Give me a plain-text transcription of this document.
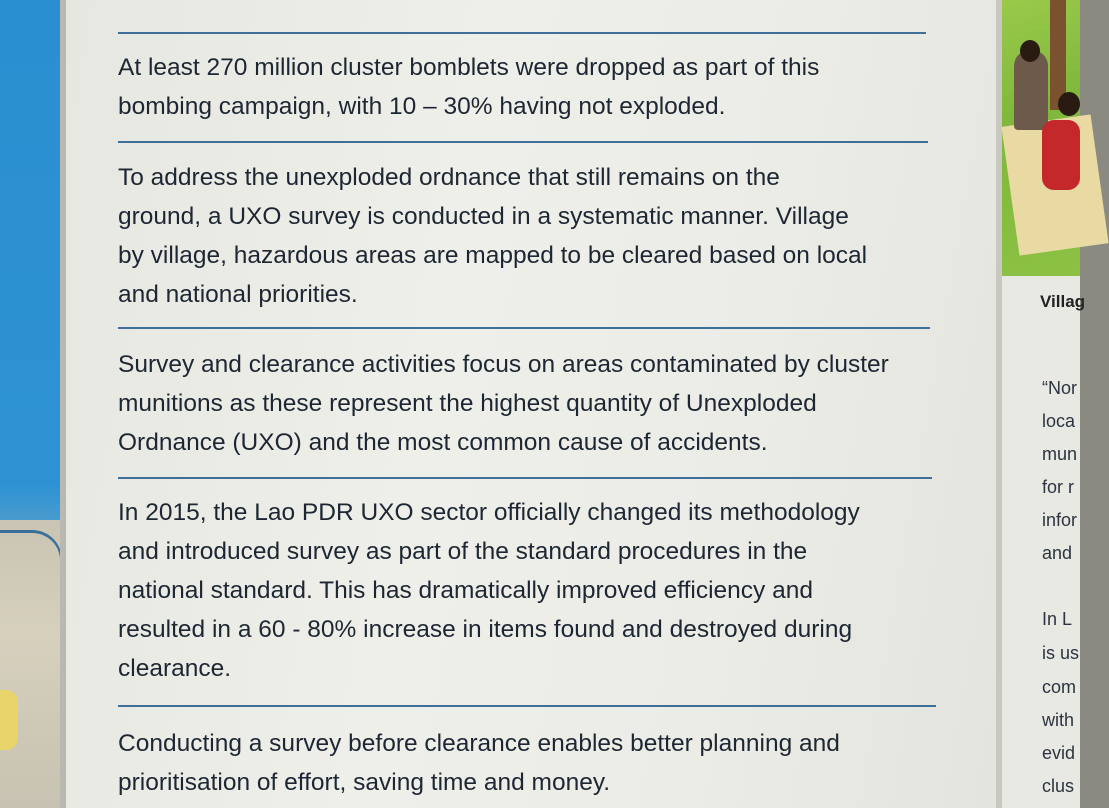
At least 270 million cluster bomblets were dropped as part of this
bombing campaign, with 10 – 30% having not exploded.
To address the unexploded ordnance that still remains on the
ground, a UXO survey is conducted in a systematic manner. Village
by village, hazardous areas are mapped to be cleared based on local
and national priorities.
Survey and clearance activities focus on areas contaminated by cluster
munitions as these represent the highest quantity of Unexploded
Ordnance (UXO) and the most common cause of accidents.
In 2015, the Lao PDR UXO sector officially changed its methodology
and introduced survey as part of the standard procedures in the
national standard. This has dramatically improved efficiency and
resulted in a 60 - 80% increase in items found and destroyed during
clearance.
Conducting a survey before clearance enables better planning and
prioritisation of effort, saving time and money.
Villag
“Nor
loca
mun
for r
infor
and
In L
is us
com
with
evid
clus
